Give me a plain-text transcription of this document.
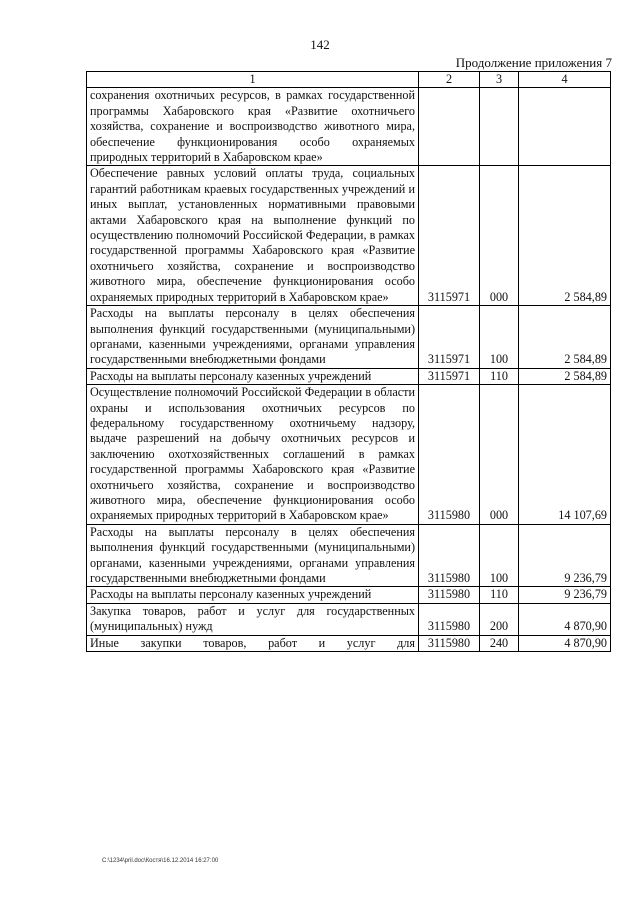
142
Продолжение приложения 7
1	2	3	4
сохранения охотничьих ресурсов, в рамках государственной программы Хабаровского края «Развитие охотничьего хозяйства, сохранение и воспроизводство животного мира, обеспечение функционирования особо охраняемых природных территорий в Хабаровском крае»			
Обеспечение равных условий оплаты труда, социальных гарантий работникам краевых государственных учреждений и иных выплат, установленных нормативными правовыми актами Хабаровского края на выполнение функций по осуществлению полномочий Российской Федерации, в рамках государственной программы Хабаровского края «Развитие охотничьего хозяйства, сохранение и воспроизводство животного мира, обеспечение функционирования особо охраняемых природных территорий в Хабаровском крае»	3115971	000	2 584,89
Расходы на выплаты персоналу в целях обеспечения выполнения функций государственными (муниципальными) органами, казенными учреждениями, органами управления государственными внебюджетными фондами	3115971	100	2 584,89
Расходы на выплаты персоналу казенных учреждений	3115971	110	2 584,89
Осуществление полномочий Российской Федерации в области охраны и использования охотничьих ресурсов по федеральному государственному охотничьему надзору, выдаче разрешений на добычу охотничьих ресурсов и заключению охотхозяйственных соглашений в рамках государственной программы Хабаровского края «Развитие охотничьего хозяйства, сохранение и воспроизводство животного мира, обеспечение функционирования особо охраняемых природных территорий в Хабаровском крае»	3115980	000	14 107,69
Расходы на выплаты персоналу в целях обеспечения выполнения функций государственными (муниципальными) органами, казенными учреждениями, органами управления государственными внебюджетными фондами	3115980	100	9 236,79
Расходы на выплаты персоналу казенных учреждений	3115980	110	9 236,79
Закупка товаров, работ и услуг для государственных (муниципальных) нужд	3115980	200	4 870,90
Иные закупки товаров, работ и услуг для	3115980	240	4 870,90
C:\1234\pril.doc\Костя\16.12.2014 16:27:00
